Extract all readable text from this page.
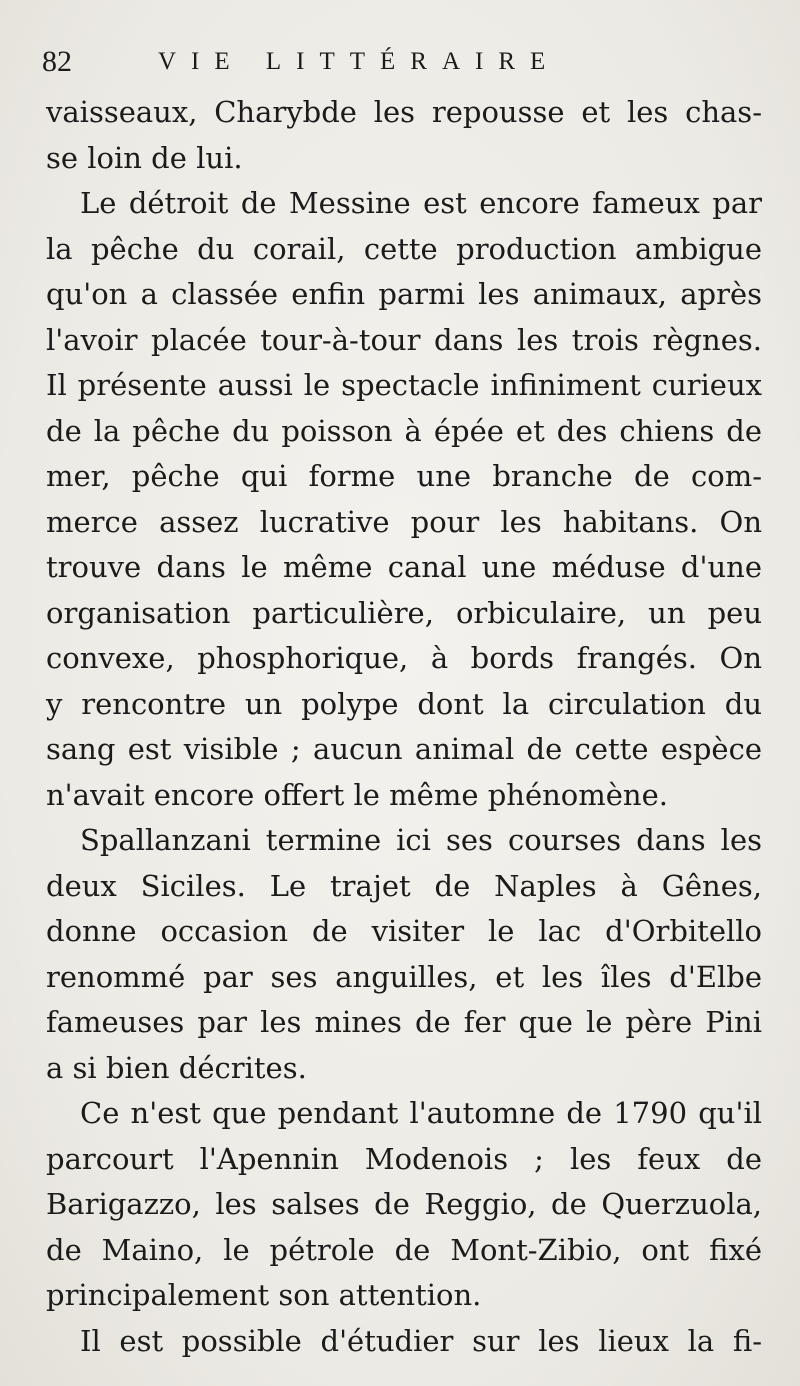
82	VIE LITTÉRAIRE
vaisseaux, Charybde les repousse et les chas-
se loin de lui.
Le détroit de Messine est encore fameux par
la pêche du corail, cette production ambigue
qu'on a classée enfin parmi les animaux, après
l'avoir placée tour-à-tour dans les trois règnes.
Il présente aussi le spectacle infiniment curieux
de la pêche du poisson à épée et des chiens de
mer, pêche qui forme une branche de com-
merce assez lucrative pour les habitans. On
trouve dans le même canal une méduse d'une
organisation particulière, orbiculaire, un peu
convexe, phosphorique, à bords frangés. On
y rencontre un polype dont la circulation du
sang est visible ; aucun animal de cette espèce
n'avait encore offert le même phénomène.
Spallanzani termine ici ses courses dans les
deux Siciles. Le trajet de Naples à Gênes,
donne occasion de visiter le lac d'Orbitello
renommé par ses anguilles, et les îles d'Elbe
fameuses par les mines de fer que le père Pini
a si bien décrites.
Ce n'est que pendant l'automne de 1790 qu'il
parcourt l'Apennin Modenois ; les feux de
Barigazzo, les salses de Reggio, de Querzuola,
de Maino, le pétrole de Mont-Zibio, ont fixé
principalement son attention.
Il est possible d'étudier sur les lieux la fi-
